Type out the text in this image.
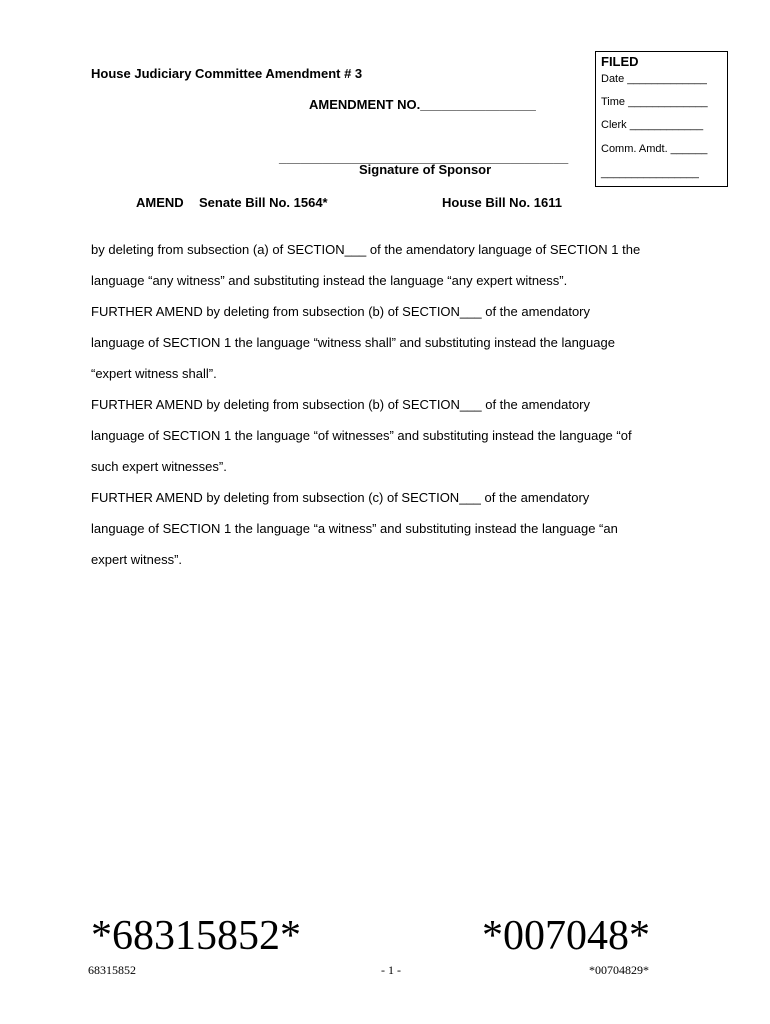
House Judiciary Committee Amendment # 3
AMENDMENT NO.________________
________________________________________
Signature of Sponsor
AMEND Senate Bill No. 1564*	House Bill No. 1611
FILED
Date _____________
Time _____________
Clerk ____________
Comm. Amdt. ______
________________
by deleting from subsection (a) of SECTION___ of the amendatory language of SECTION 1 the
language “any witness” and substituting instead the language “any expert witness”.
FURTHER AMEND by deleting from subsection (b) of SECTION___ of the amendatory
language of SECTION 1 the language “witness shall” and substituting instead the language
“expert witness shall”.
FURTHER AMEND by deleting from subsection (b) of SECTION___ of the amendatory
language of SECTION 1 the language “of witnesses” and substituting instead the language “of
such expert witnesses”.
FURTHER AMEND by deleting from subsection (c) of SECTION___ of the amendatory
language of SECTION 1 the language “a witness” and substituting instead the language “an
expert witness”.
*68315852*	*007048*
68315852	- 1 -	*00704829*
